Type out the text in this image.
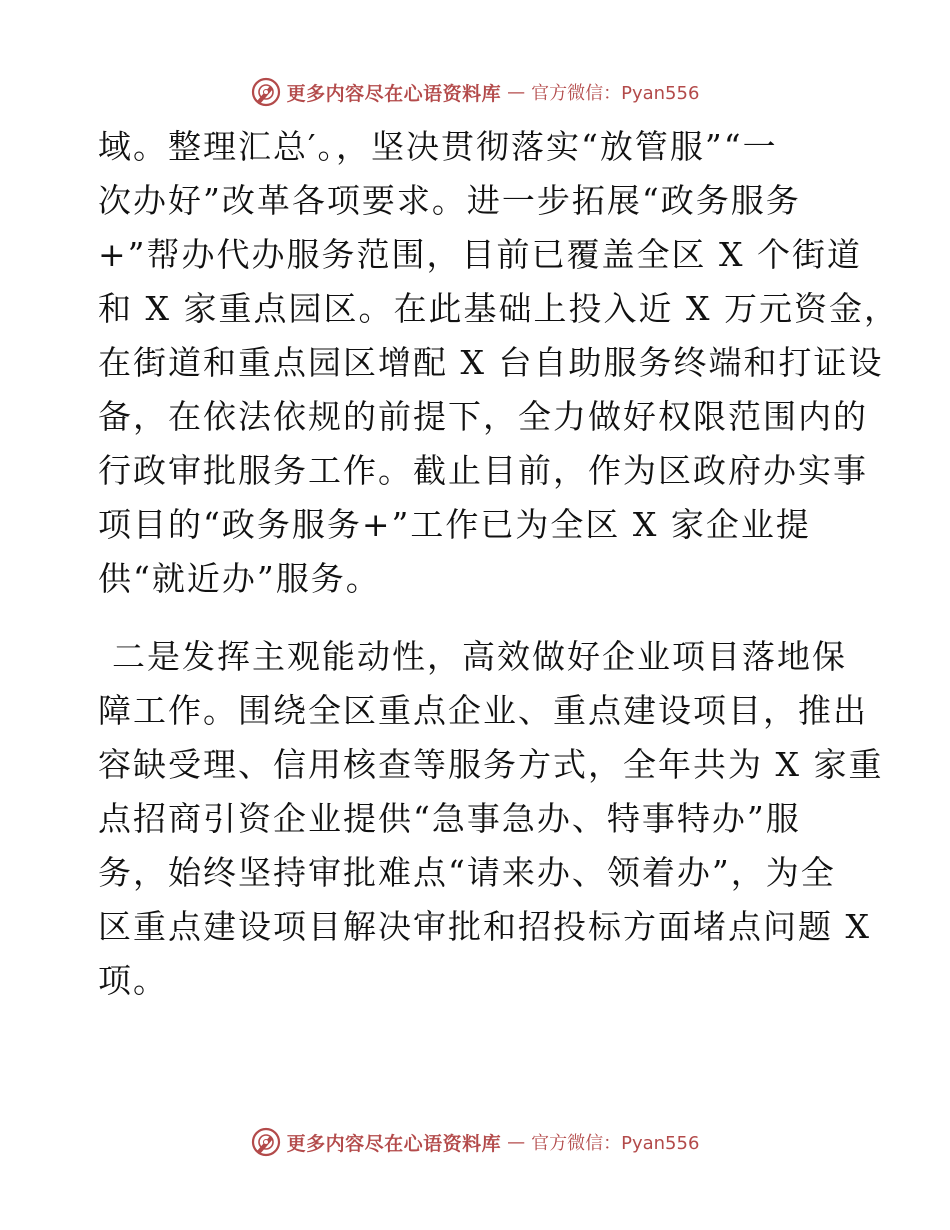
更多内容尽在心语资料库 — 官方微信：Pyan556
域。整理汇总′。，坚决贯彻落实“放管服”“一
次办好”改革各项要求。进一步拓展“政务服务
+”帮办代办服务范围，目前已覆盖全区 X 个街道
和 X 家重点园区。在此基础上投入近 X 万元资金，
在街道和重点园区增配 X 台自助服务终端和打证设
备，在依法依规的前提下，全力做好权限范围内的
行政审批服务工作。截止目前，作为区政府办实事
项目的“政务服务+”工作已为全区 X 家企业提
供“就近办”服务。
二是发挥主观能动性，高效做好企业项目落地保
障工作。围绕全区重点企业、重点建设项目，推出
容缺受理、信用核查等服务方式，全年共为 X 家重
点招商引资企业提供“急事急办、特事特办”服
务，始终坚持审批难点“请来办、领着办”，为全
区重点建设项目解决审批和招投标方面堵点问题 X
项。
更多内容尽在心语资料库 — 官方微信：Pyan556
